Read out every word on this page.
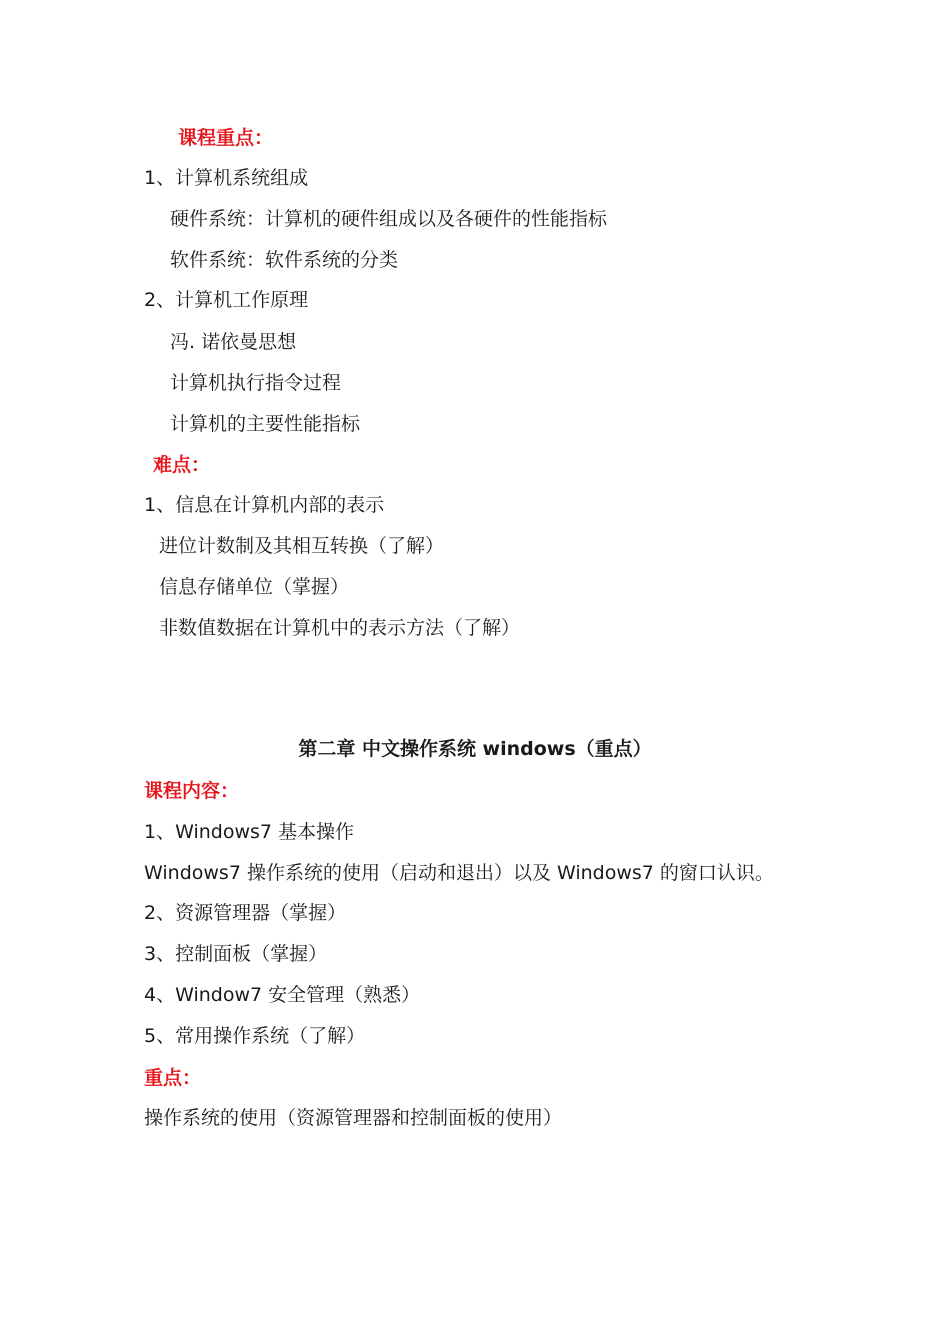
课程重点：
1、计算机系统组成
硬件系统：计算机的硬件组成以及各硬件的性能指标
软件系统：软件系统的分类
2、计算机工作原理
冯. 诺依曼思想
计算机执行指令过程
计算机的主要性能指标
难点：
1、信息在计算机内部的表示
进位计数制及其相互转换（了解）
信息存储单位（掌握）
非数值数据在计算机中的表示方法（了解）
第二章 中文操作系统 windows（重点）
课程内容：
1、Windows7 基本操作
Windows7 操作系统的使用（启动和退出）以及 Windows7 的窗口认识。
2、资源管理器（掌握）
3、控制面板（掌握）
4、Window7 安全管理（熟悉）
5、常用操作系统（了解）
重点：
操作系统的使用（资源管理器和控制面板的使用）
